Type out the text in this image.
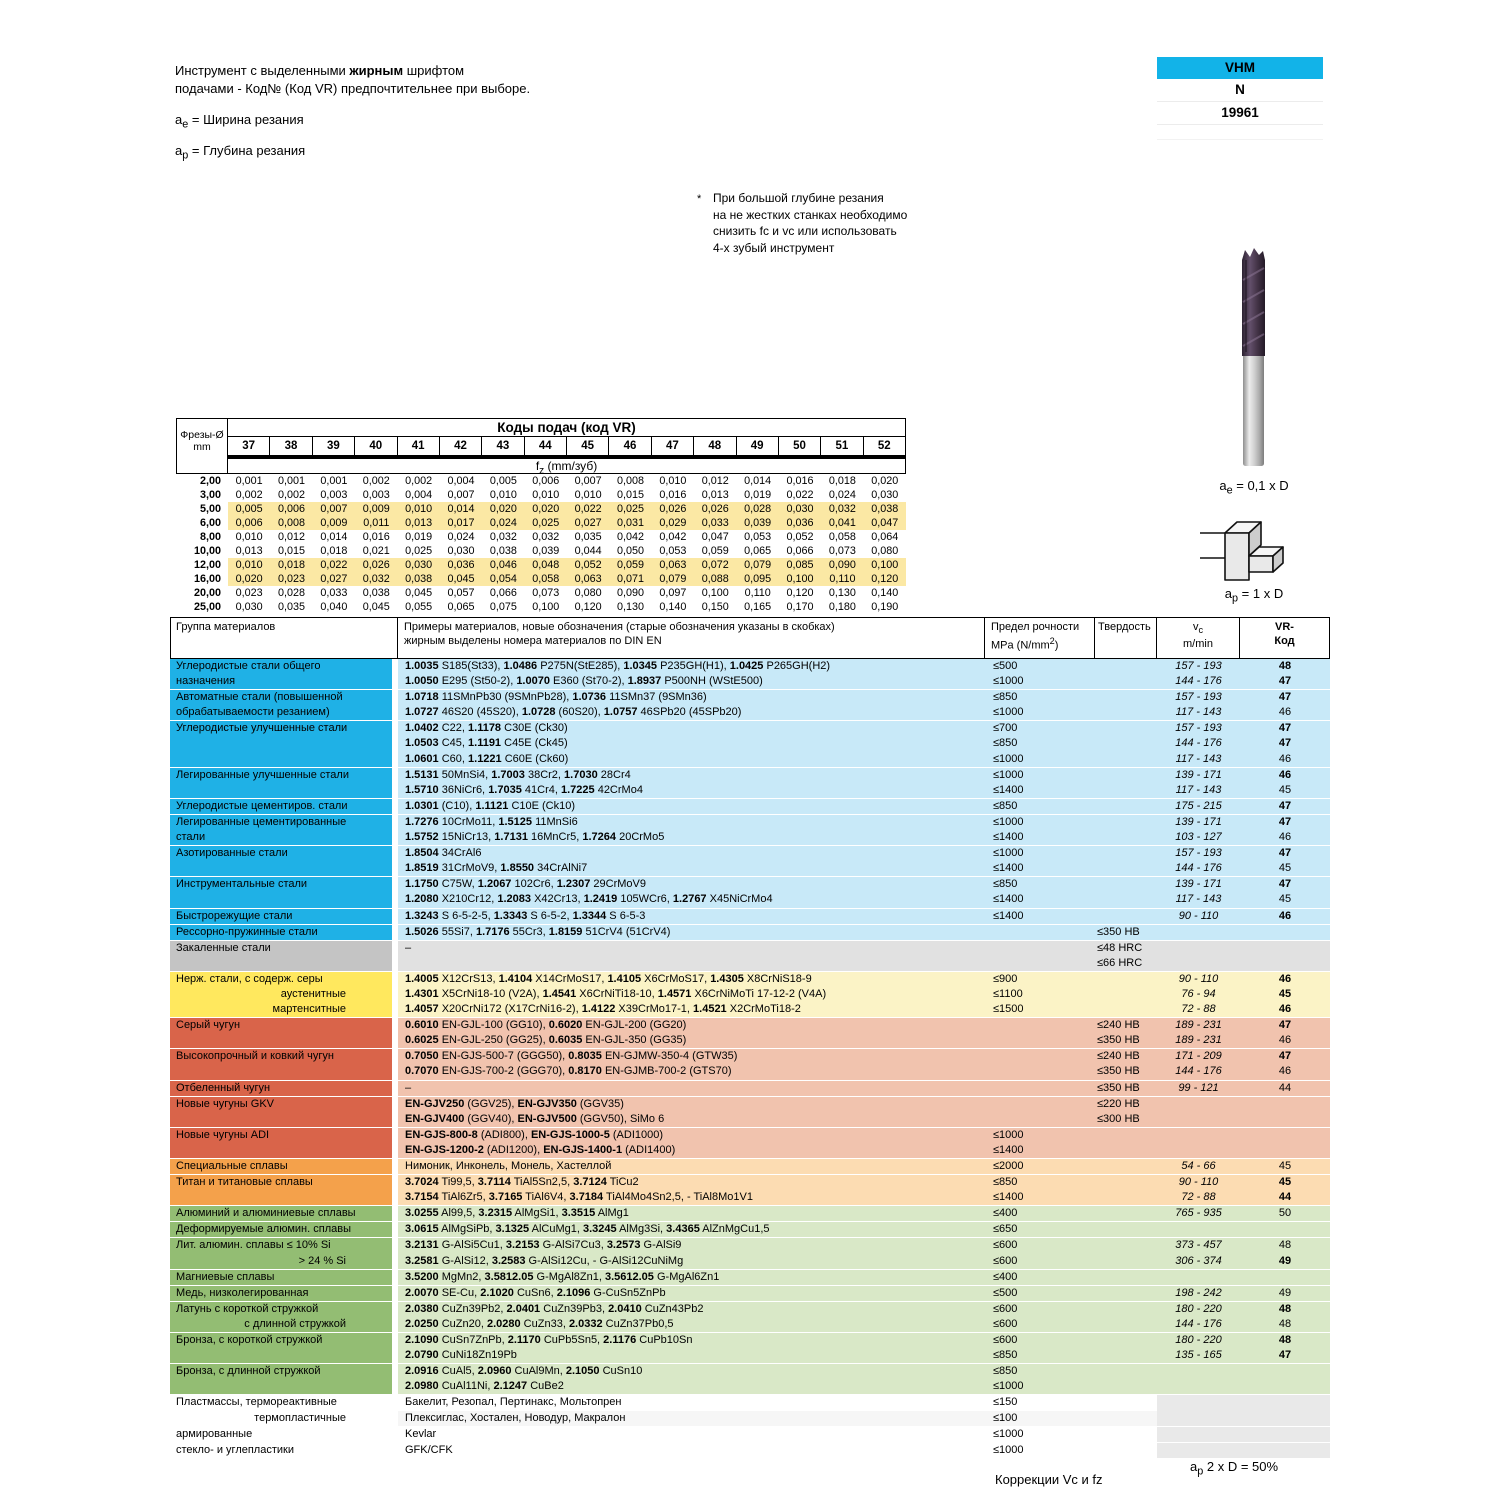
Инструмент с выделенными жирным шрифтом
подачами - Код№ (Код VR) предпочтительнее при выборе.
$a_e$ = Ширина резания
$a_p$ = Глубина резания
VHM
N
19961
* При большой глубине резания
на не жестких станках необходимо
снизить fc и vc или использовать
4-х зубый инструмент
$a_e = 0,1$ x D
$a_p = 1$ x D
Фрезы-Ø
mm
Коды подач (код VR)
37	38	39	40	41	42	43	44	45	46	47	48	49	50	51	52
$f_z$ (mm/зуб)
2,00	0,001	0,001	0,001	0,002	0,002	0,004	0,005	0,006	0,007	0,008	0,010	0,012	0,014	0,016	0,018	0,020
3,00	0,002	0,002	0,003	0,003	0,004	0,007	0,010	0,010	0,010	0,015	0,016	0,013	0,019	0,022	0,024	0,030
5,00	0,005	0,006	0,007	0,009	0,010	0,014	0,020	0,020	0,022	0,025	0,026	0,026	0,028	0,030	0,032	0,038
6,00	0,006	0,008	0,009	0,011	0,013	0,017	0,024	0,025	0,027	0,031	0,029	0,033	0,039	0,036	0,041	0,047
8,00	0,010	0,012	0,014	0,016	0,019	0,024	0,032	0,032	0,035	0,042	0,042	0,047	0,053	0,052	0,058	0,064
10,00	0,013	0,015	0,018	0,021	0,025	0,030	0,038	0,039	0,044	0,050	0,053	0,059	0,065	0,066	0,073	0,080
12,00	0,010	0,018	0,022	0,026	0,030	0,036	0,046	0,048	0,052	0,059	0,063	0,072	0,079	0,085	0,090	0,100
16,00	0,020	0,023	0,027	0,032	0,038	0,045	0,054	0,058	0,063	0,071	0,079	0,088	0,095	0,100	0,110	0,120
20,00	0,023	0,028	0,033	0,038	0,045	0,057	0,066	0,073	0,080	0,090	0,097	0,100	0,110	0,120	0,130	0,140
25,00	0,030	0,035	0,040	0,045	0,055	0,065	0,075	0,100	0,120	0,130	0,140	0,150	0,165	0,170	0,180	0,190
Группа материалов	Примеры материалов, новые обозначения (старые обозначения указаны в скобках)
жирным выделены номера материалов по DIN EN
Предел рочности
MPa $(N/mm^2)$
Твердость	$v_c$
m/min
VR-
Код
Углеродистые стали общего
назначения
1.0035 S185(St33), 1.0486 P275N(StE285), 1.0345 P235GH(H1), 1.0425 P265GH(H2)	≤500	157 - 193	48
1.0050 E295 (St50-2), 1.0070 E360 (St70-2), 1.8937 P500NH (WStE500)	≤1000	144 - 176	47
Автоматные стали (повышенной
обрабатываемости резанием)
1.0718 11SMnPb30 (9SMnPb28), 1.0736 11SMn37 (9SMn36)	≤850	157 - 193	47
1.0727 46S20 (45S20), 1.0728 (60S20), 1.0757 46SPb20 (45SPb20)	≤1000	117 - 143	46
Углеродистые улучшенные стали	1.0402 C22, 1.1178 C30E (Ck30)	≤700	157 - 193	47
1.0503 C45, 1.1191 C45E (Ck45)	≤850	144 - 176	47
1.0601 C60, 1.1221 C60E (Ck60)	≤1000	117 - 143	46
Легированные улучшенные стали	1.5131 50MnSi4, 1.7003 38Cr2, 1.7030 28Cr4	≤1000	139 - 171	46
1.5710 36NiCr6, 1.7035 41Cr4, 1.7225 42CrMo4	≤1400	117 - 143	45
Углеродистые цементиров. стали	1.0301 (C10), 1.1121 C10E (Ck10)	≤850	175 - 215	47
Легированные цементированные
стали
1.7276 10CrMo11, 1.5125 11MnSi6	≤1000	139 - 171	47
1.5752 15NiCr13, 1.7131 16MnCr5, 1.7264 20CrMo5	≤1400	103 - 127	46
Азотированные стали	1.8504 34CrAl6	≤1000	157 - 193	47
1.8519 31CrMoV9, 1.8550 34CrAlNi7	≤1400	144 - 176	45
Инструментальные стали	1.1750 C75W, 1.2067 102Cr6, 1.2307 29CrMoV9	≤850	139 - 171	47
1.2080 X210Cr12, 1.2083 X42Cr13, 1.2419 105WCr6, 1.2767 X45NiCrMo4	≤1400	117 - 143	45
Быстрорежущие стали	1.3243 S 6-5-2-5, 1.3343 S 6-5-2, 1.3344 S 6-5-3	≤1400	90 - 110	46
Рессорно-пружинные стали	1.5026 55Si7, 1.7176 55Cr3, 1.8159 51CrV4 (51CrV4)	≤350 HB
Закаленные стали	–	≤48 HRC
≤66 HRC
Нерж. стали, с содерж. серы
аустенитные
мартенситные
1.4005 X12CrS13, 1.4104 X14CrMoS17, 1.4105 X6CrMoS17, 1.4305 X8CrNiS18-9	≤900	90 - 110	46
1.4301 X5CrNi18-10 (V2A), 1.4541 X6CrNiTi18-10, 1.4571 X6CrNiMoTi 17-12-2 (V4A)	≤1100	76 - 94	45
1.4057 X20CrNi172 (X17CrNi16-2), 1.4122 X39CrMo17-1, 1.4521 X2CrMoTi18-2	≤1500	72 - 88	46
Серый чугун	0.6010 EN-GJL-100 (GG10), 0.6020 EN-GJL-200 (GG20)	≤240 HB	189 - 231	47
0.6025 EN-GJL-250 (GG25), 0.6035 EN-GJL-350 (GG35)	≤350 HB	189 - 231	46
Высокопрочный и ковкий чугун	0.7050 EN-GJS-500-7 (GGG50), 0.8035 EN-GJMW-350-4 (GTW35)	≤240 HB	171 - 209	47
0.7070 EN-GJS-700-2 (GGG70), 0.8170 EN-GJMB-700-2 (GTS70)	≤350 HB	144 - 176	46
Отбеленный чугун	–	≤350 HB	99 - 121	44
Новые чугуны GKV	EN-GJV250 (GGV25), EN-GJV350 (GGV35)	≤220 HB
EN-GJV400 (GGV40), EN-GJV500 (GGV50), SiMo 6	≤300 HB
Новые чугуны ADI	EN-GJS-800-8 (ADI800), EN-GJS-1000-5 (ADI1000)	≤1000
EN-GJS-1200-2 (ADI1200), EN-GJS-1400-1 (ADI1400)	≤1400
Специальные сплавы	Нимоник, Инконель, Монель, Хастеллой	≤2000	54 - 66	45
Титан и титановые сплавы	3.7024 Ti99,5, 3.7114 TiAl5Sn2,5, 3.7124 TiCu2	≤850	90 - 110	45
3.7154 TiAl6Zr5, 3.7165 TiAl6V4, 3.7184 TiAl4Mo4Sn2,5, - TiAl8Mo1V1	≤1400	72 - 88	44
Алюминий и алюминиевые сплавы	3.0255 Al99,5, 3.2315 AlMgSi1, 3.3515 AlMg1	≤400	765 - 935	50
Деформируемые алюмин. сплавы	3.0615 AlMgSiPb, 3.1325 AlCuMg1, 3.3245 AlMg3Si, 3.4365 AlZnMgCu1,5	≤650
Лит. алюмин. сплавы ≤ 10% Si
> 24 % Si
3.2131 G-AlSi5Cu1, 3.2153 G-AlSi7Cu3, 3.2573 G-AlSi9	≤600	373 - 457	48
3.2581 G-AlSi12, 3.2583 G-AlSi12Cu, - G-AlSi12CuNiMg	≤600	306 - 374	49
Магниевые сплавы	3.5200 MgMn2, 3.5812.05 G-MgAl8Zn1, 3.5612.05 G-MgAl6Zn1	≤400
Медь, низколегированная	2.0070 SE-Cu, 2.1020 CuSn6, 2.1096 G-CuSn5ZnPb	≤500	198 - 242	49
Латунь с короткой стружкой
с длинной стружкой
2.0380 CuZn39Pb2, 2.0401 CuZn39Pb3, 2.0410 CuZn43Pb2	≤600	180 - 220	48
2.0250 CuZn20, 2.0280 CuZn33, 2.0332 CuZn37Pb0,5	≤600	144 - 176	48
Бронза, с короткой стружкой	2.1090 CuSn7ZnPb, 2.1170 CuPb5Sn5, 2.1176 CuPb10Sn	≤600	180 - 220	48
2.0790 CuNi18Zn19Pb	≤850	135 - 165	47
Бронза, с длинной стружкой	2.0916 CuAl5, 2.0960 CuAl9Mn, 2.1050 CuSn10	≤850
2.0980 CuAl11Ni, 2.1247 CuBe2	≤1000
Пластмассы, термореактивные
термопластичные
Бакелит, Резопал, Пертинакс, Мольтопрен	≤150
Плексиглас, Хостален, Новодур, Макралон	≤100
армированные	Kevlar	≤1000
стекло- и углепластики	GFK/CFK	≤1000
$a_p$ 2 x D = 50%
Коррекции Vc и fz
